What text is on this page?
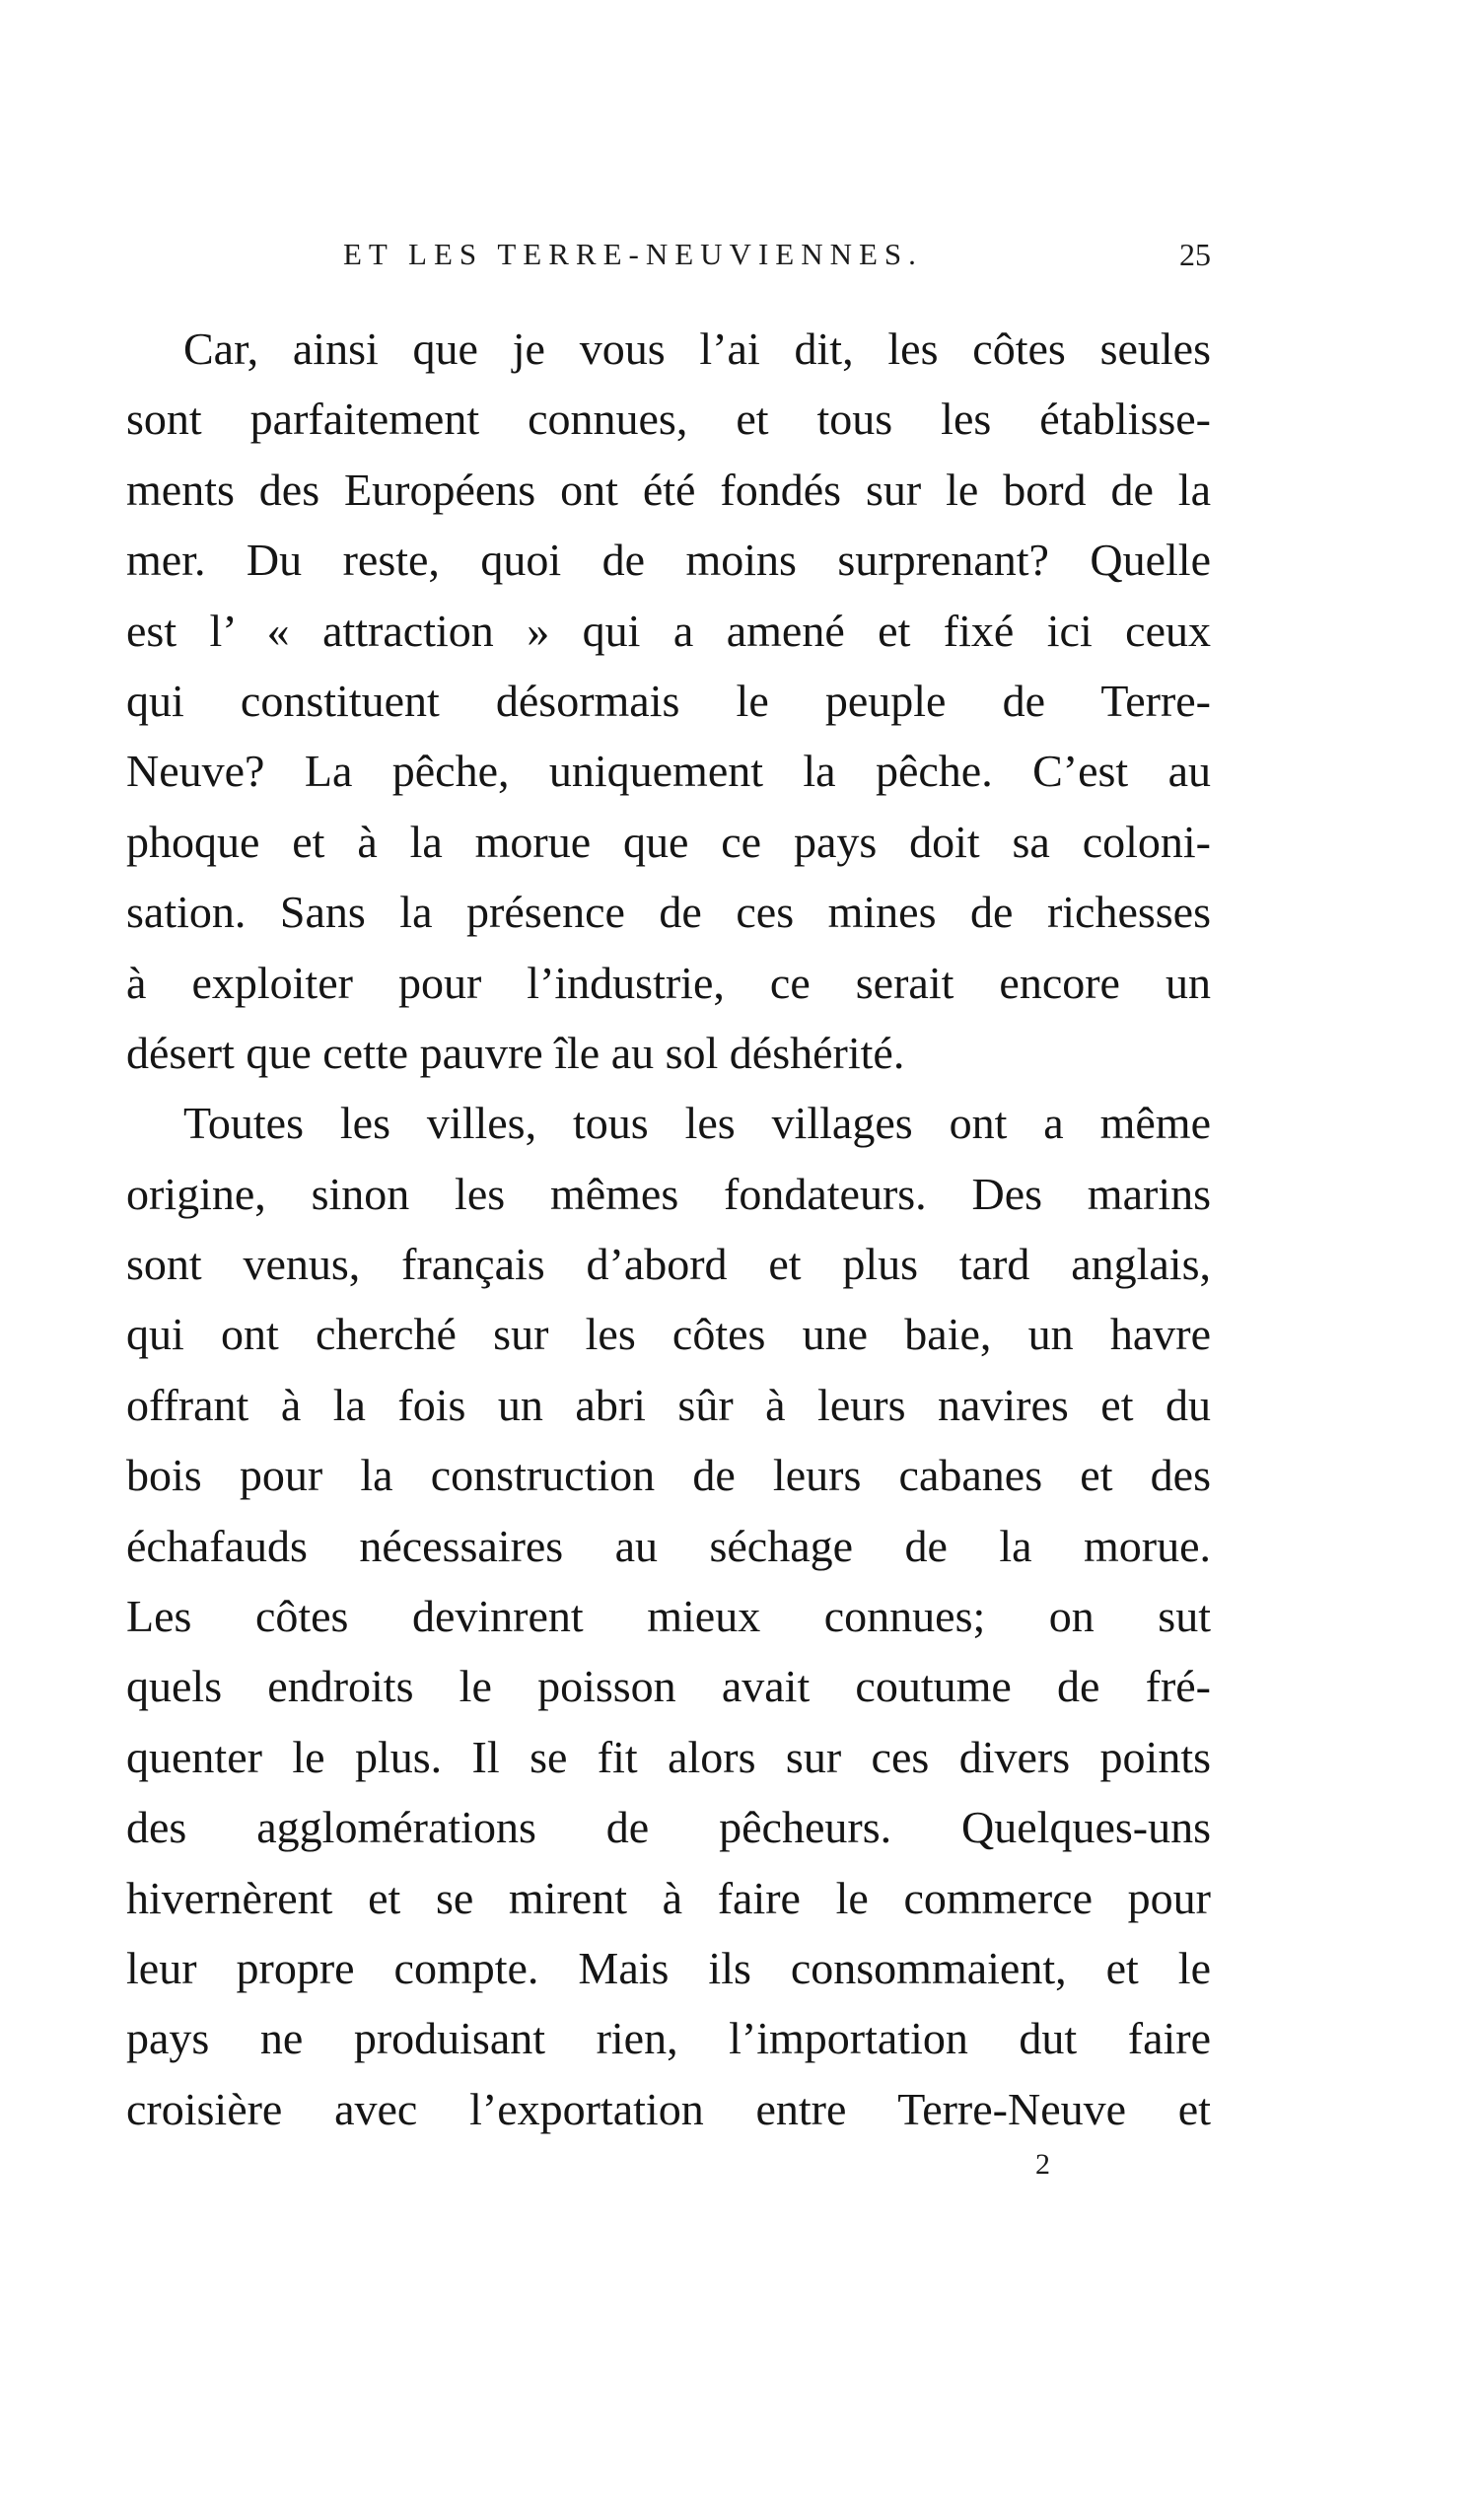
ET LES TERRE-NEUVIENNES.	25
Car, ainsi que je vous l’ai dit, les côtes seules
sont parfaitement connues, et tous les établisse-
ments des Européens ont été fondés sur le bord de la
mer. Du reste, quoi de moins surprenant? Quelle
est l’ « attraction » qui a amené et fixé ici ceux
qui constituent désormais le peuple de Terre-
Neuve? La pêche, uniquement la pêche. C’est au
phoque et à la morue que ce pays doit sa coloni-
sation. Sans la présence de ces mines de richesses
à exploiter pour l’industrie, ce serait encore un
désert que cette pauvre île au sol déshérité.
Toutes les villes, tous les villages ont a même
origine, sinon les mêmes fondateurs. Des marins
sont venus, français d’abord et plus tard anglais,
qui ont cherché sur les côtes une baie, un havre
offrant à la fois un abri sûr à leurs navires et du
bois pour la construction de leurs cabanes et des
échafauds nécessaires au séchage de la morue.
Les côtes devinrent mieux connues; on sut
quels endroits le poisson avait coutume de fré-
quenter le plus. Il se fit alors sur ces divers points
des agglomérations de pêcheurs. Quelques-uns
hivernèrent et se mirent à faire le commerce pour
leur propre compte. Mais ils consommaient, et le
pays ne produisant rien, l’importation dut faire
croisière avec l’exportation entre Terre-Neuve et
2
